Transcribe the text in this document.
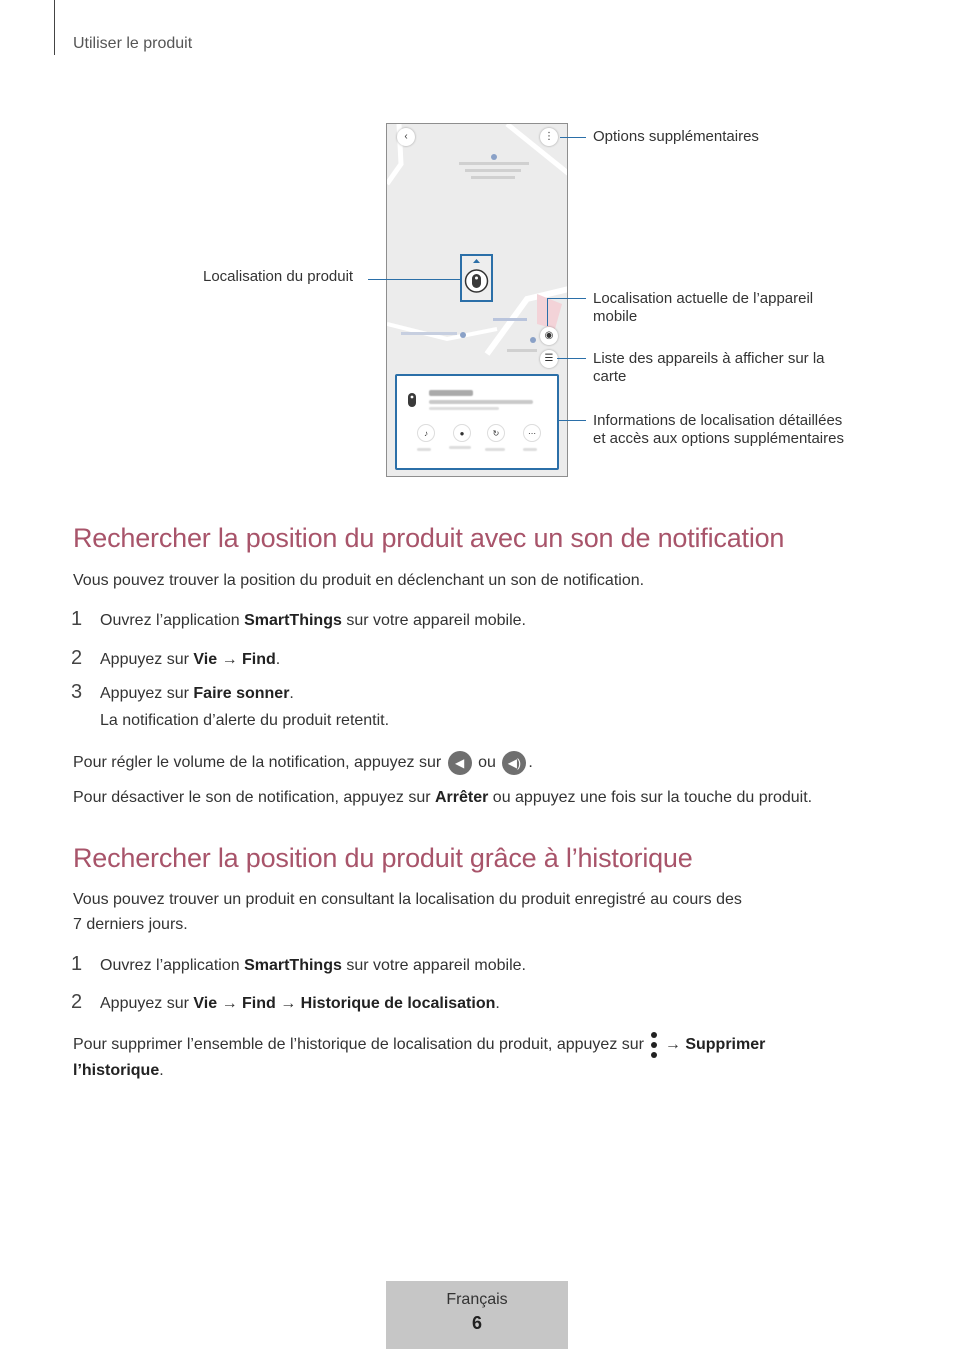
Utiliser le produit
‹	⋮
◉
☰
♪	●	↻	⋯
Options supplémentaires
Localisation du produit
Localisation actuelle de l’appareil
mobile
Liste des appareils à afficher sur la
carte
Informations de localisation détaillées
et accès aux options supplémentaires
Rechercher la position du produit avec un son de notification

Vous pouvez trouver la position du produit en déclenchant un son de notification.

1 Ouvrez l’application SmartThings sur votre appareil mobile.
2 Appuyez sur Vie → Find.
3 Appuyez sur Faire sonner.
La notification d’alerte du produit retentit.

Pour régler le volume de la notification, appuyez sur ◀ ou ◀) .

Pour désactiver le son de notification, appuyez sur Arrêter ou appuyez une fois sur la touche du produit.

Rechercher la position du produit grâce à l’historique

Vous pouvez trouver un produit en consultant la localisation du produit enregistré au cours des
7 derniers jours.

1 Ouvrez l’application SmartThings sur votre appareil mobile.
2 Appuyez sur Vie → Find → Historique de localisation.

Pour supprimer l’ensemble de l’historique de localisation du produit, appuyez sur
→ Supprimer
l’historique.

Français
6
